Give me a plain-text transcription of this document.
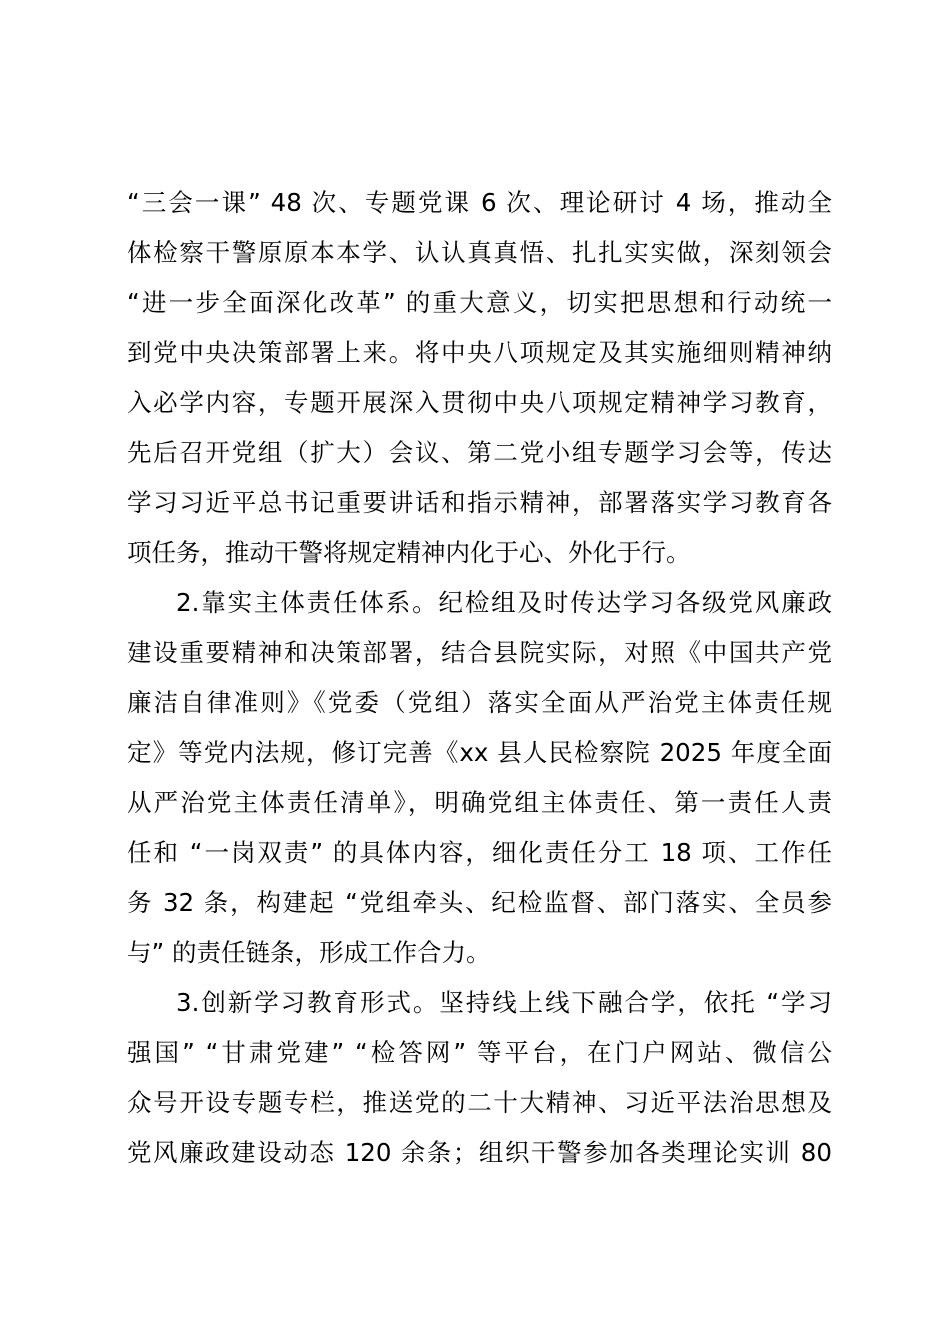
“三会一课” 48 次、专题党课 6 次、理论研讨 4 场，推动全
体检察干警原原本本学、认认真真悟、扎扎实实做，深刻领会
“进一步全面深化改革” 的重大意义，切实把思想和行动统一
到党中央决策部署上来。将中央八项规定及其实施细则精神纳
入必学内容，专题开展深入贯彻中央八项规定精神学习教育，
先后召开党组（扩大）会议、第二党小组专题学习会等，传达
学习习近平总书记重要讲话和指示精神，部署落实学习教育各
项任务，推动干警将规定精神内化于心、外化于行。
2.靠实主体责任体系。纪检组及时传达学习各级党风廉政
建设重要精神和决策部署，结合县院实际，对照《中国共产党
廉洁自律准则》《党委（党组）落实全面从严治党主体责任规
定》等党内法规，修订完善《xx 县人民检察院 2025 年度全面
从严治党主体责任清单》，明确党组主体责任、第一责任人责
任和 “一岗双责” 的具体内容，细化责任分工 18 项、工作任
务 32 条，构建起 “党组牵头、纪检监督、部门落实、全员参
与” 的责任链条，形成工作合力。
3.创新学习教育形式。坚持线上线下融合学，依托 “学习
强国” “甘肃党建” “检答网” 等平台，在门户网站、微信公
众号开设专题专栏，推送党的二十大精神、习近平法治思想及
党风廉政建设动态 120 余条；组织干警参加各类理论实训 80
